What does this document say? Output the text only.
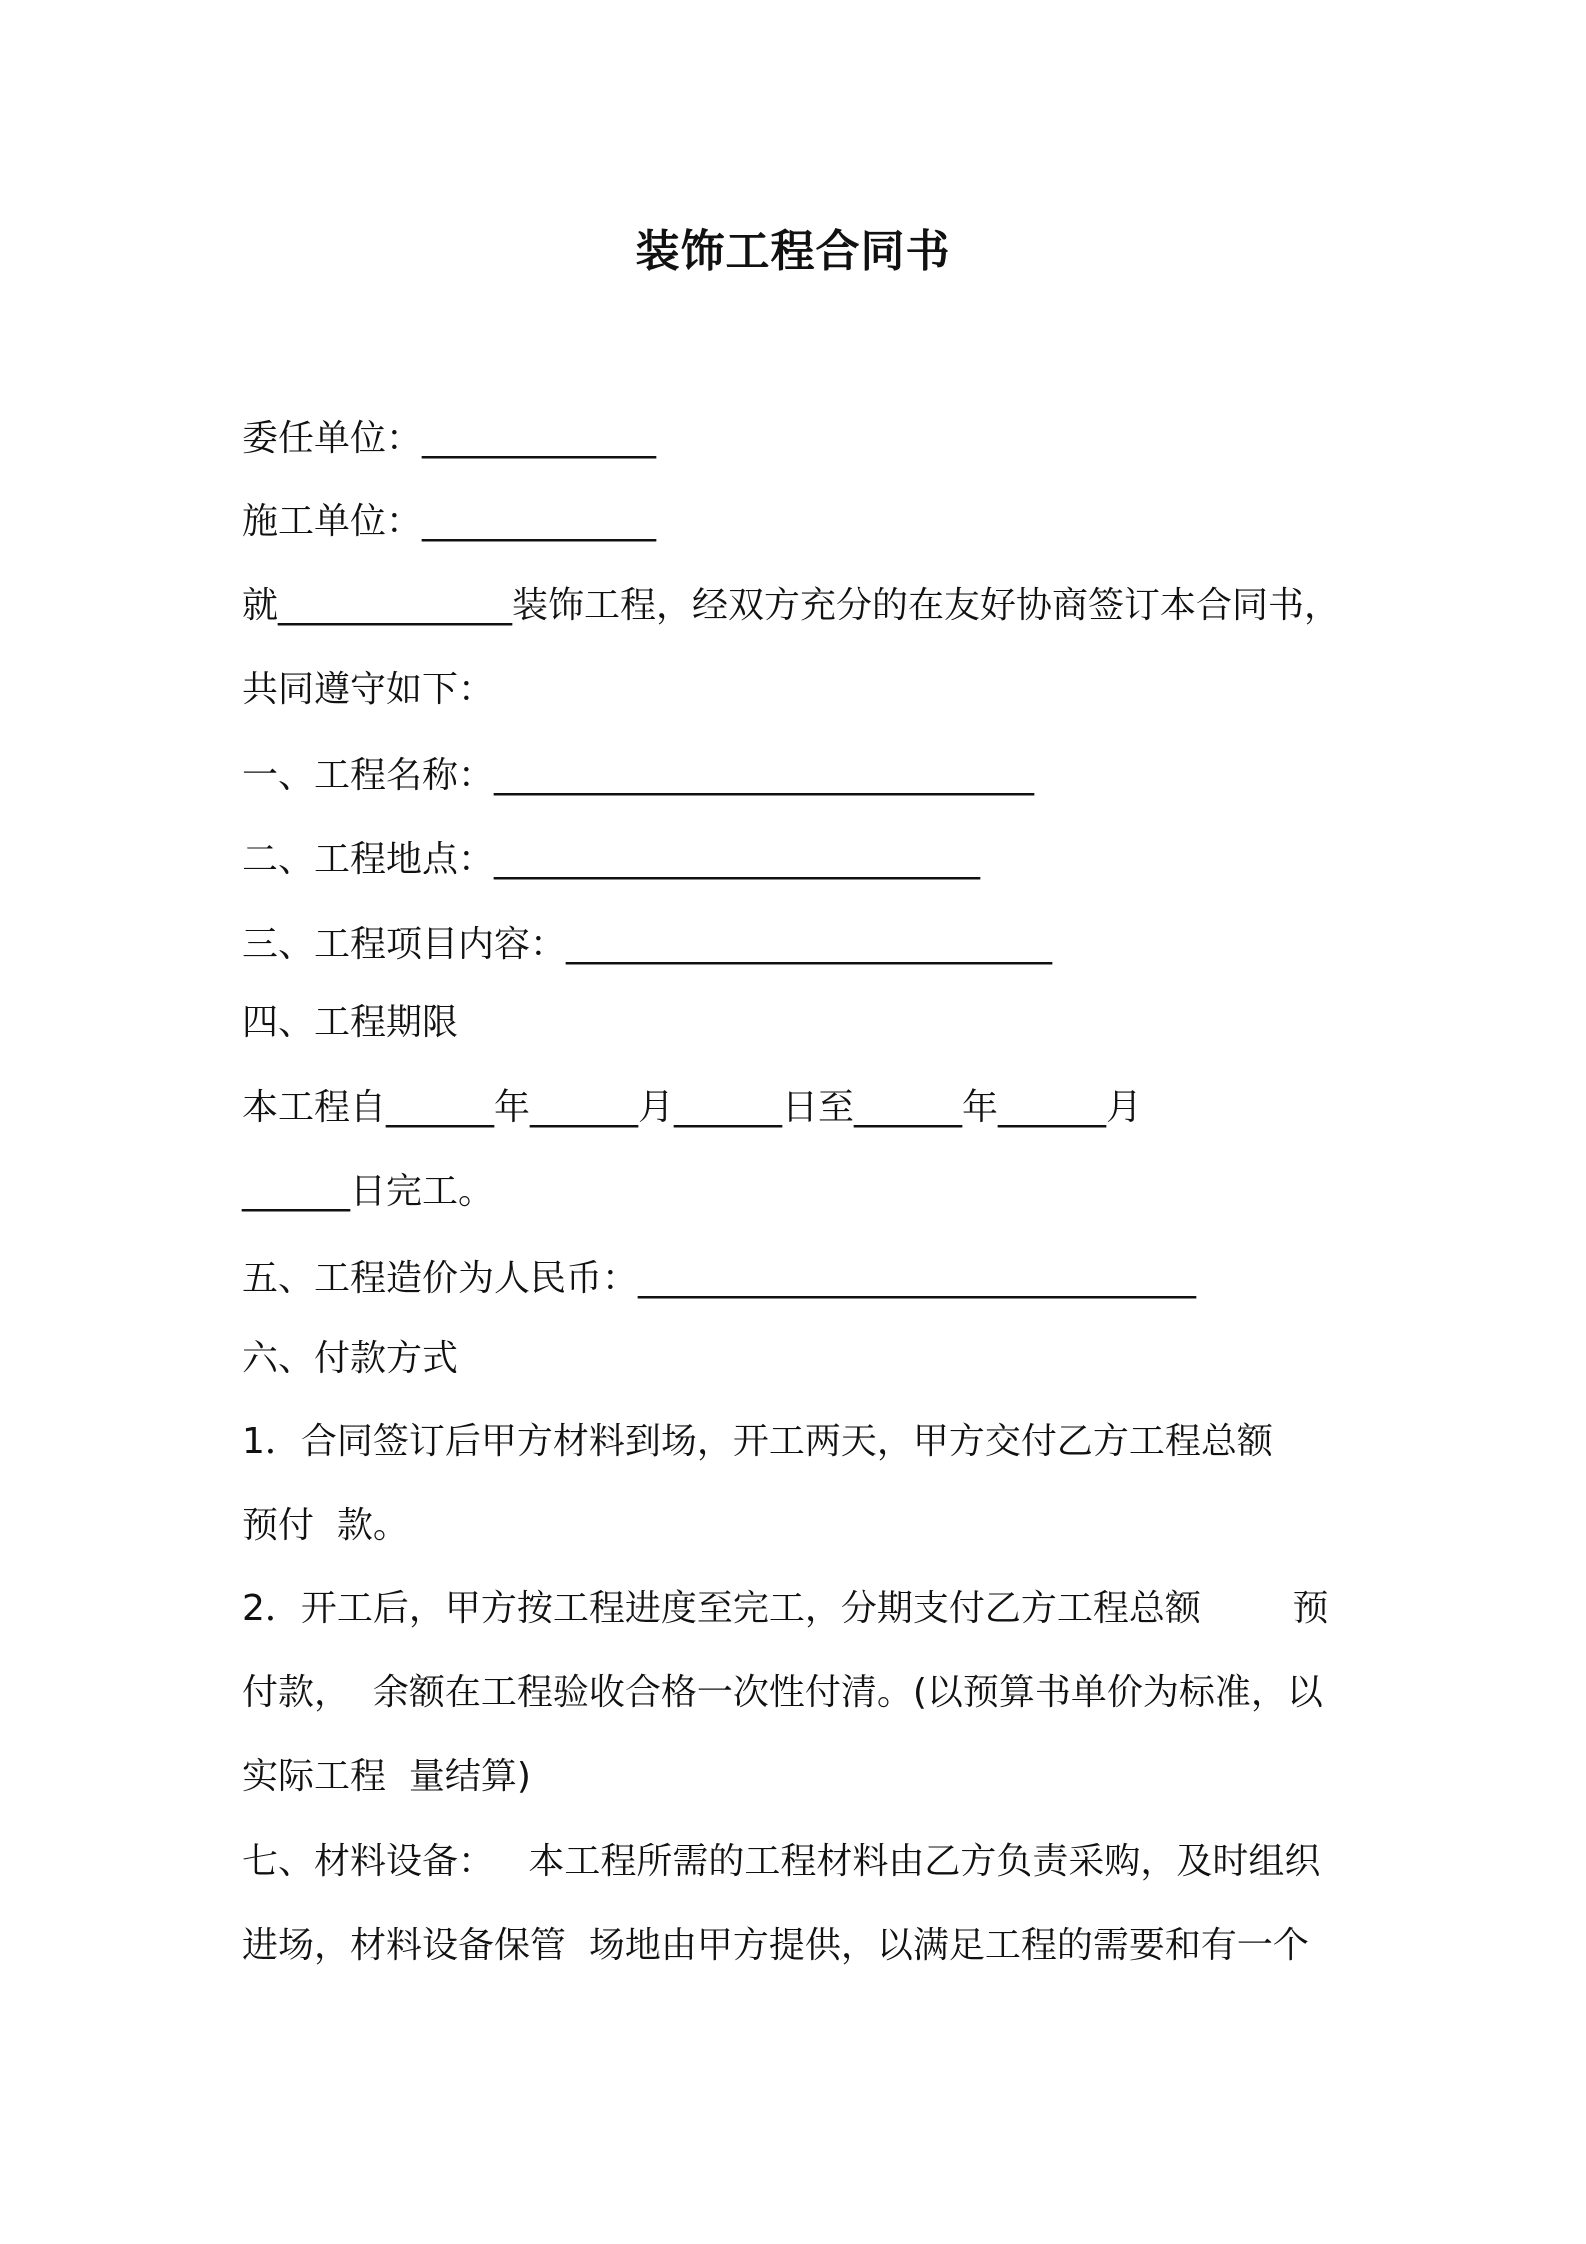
装饰工程合同书
委任单位：_____________
施工单位：_____________
就_____________装饰工程，经双方充分的在友好协商签订本合同书，
共同遵守如下：
一、工程名称：______________________________
二、工程地点：___________________________
三、工程项目内容：___________________________
四、工程期限
本工程自______年______月______日至______年______月
______日完工。
五、工程造价为人民币：_______________________________
六、付款方式
1．合同签订后甲方材料到场，开工两天，甲方交付乙方工程总额
预付  款。
2．开工后，甲方按工程进度至完工，分期支付乙方工程总额        预
付款，  余额在工程验收合格一次性付清。(以预算书单价为标准，以
实际工程  量结算)
七、材料设备：   本工程所需的工程材料由乙方负责采购，及时组织
进场，材料设备保管  场地由甲方提供，以满足工程的需要和有一个
